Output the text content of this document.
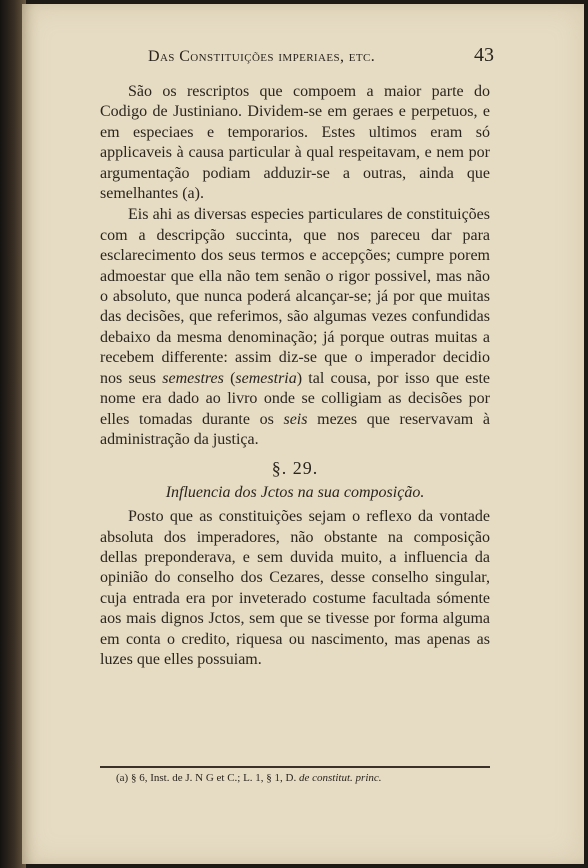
Das Constituições imperiaes, etc.	43

São os rescriptos que compoem a maior parte do Codigo de Justiniano. Dividem-se em geraes e perpetuos, e em especiaes e temporarios. Estes ultimos eram só applicaveis à causa particular à qual respeitavam, e nem por argumentação podiam adduzir-se a outras, ainda que semelhantes (a).

Eis ahi as diversas especies particulares de constituições com a descripção succinta, que nos pareceu dar para esclarecimento dos seus termos e accepções; cumpre porem admoestar que ella não tem senão o rigor possivel, mas não o absoluto, que nunca poderá alcançar-se; já por que muitas das decisões, que referimos, são algumas vezes confundidas debaixo da mesma denominação; já porque outras muitas a recebem differente: assim diz-se que o imperador decidio nos seus semestres (semestria) tal cousa, por isso que este nome era dado ao livro onde se colligiam as decisões por elles tomadas durante os seis mezes que reservavam à administração da justiça.

§. 29.
Influencia dos Jctos na sua composição.

Posto que as constituições sejam o reflexo da vontade absoluta dos imperadores, não obstante na composição dellas preponderava, e sem duvida muito, a influencia da opinião do conselho dos Cezares, desse conselho singular, cuja entrada era por inveterado costume facultada sómente aos mais dignos Jctos, sem que se tivesse por forma alguma em conta o credito, riquesa ou nascimento, mas apenas as luzes que elles possuiam.

(a) § 6, Inst. de J. N G et C.; L. 1, § 1, D. de constitut. princ.
